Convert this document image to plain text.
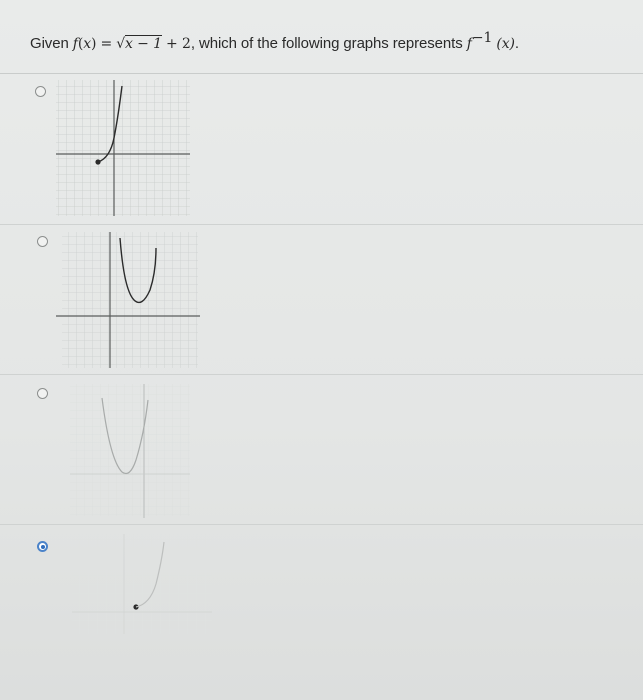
Given f(x) = √x − 1 + 2, which of the following graphs represents $f^{-1}$ (x).
